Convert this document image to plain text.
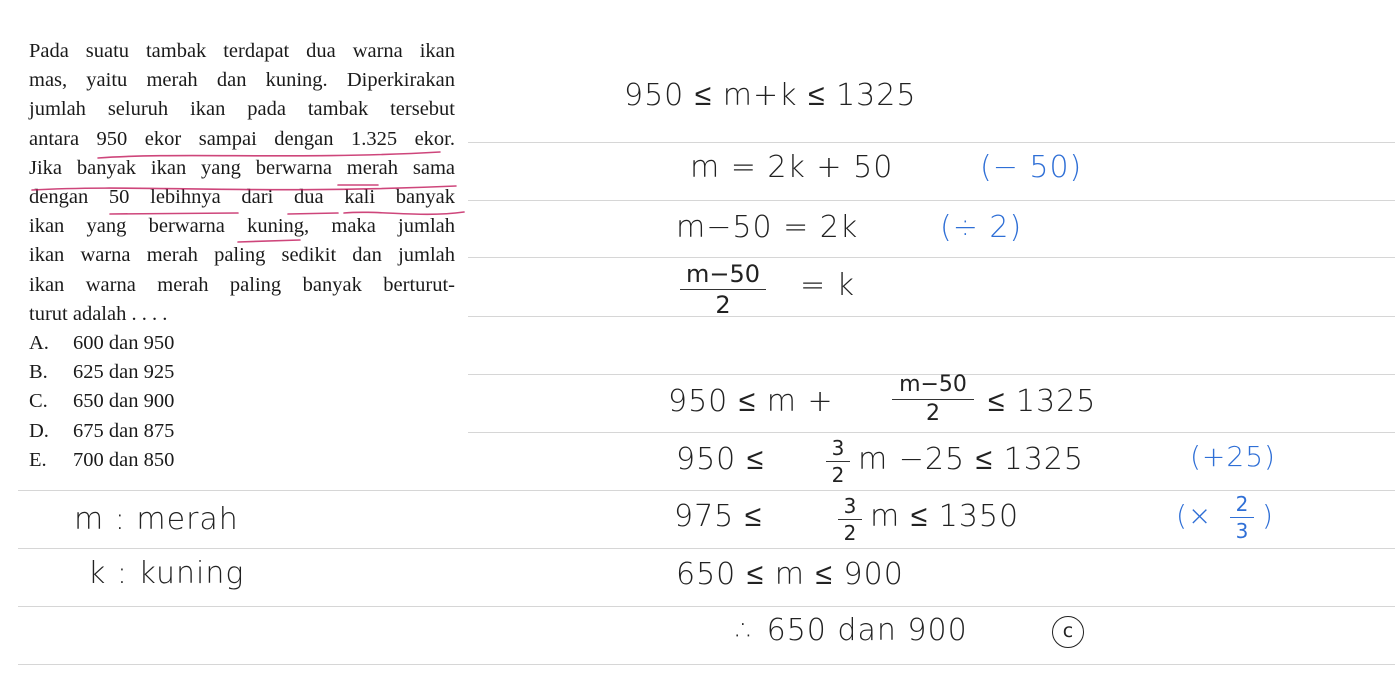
Pada suatu tambak terdapat dua warna ikan
mas, yaitu merah dan kuning. Diperkirakan
jumlah seluruh ikan pada tambak tersebut
antara 950 ekor sampai dengan 1.325 ekor.
Jika banyak ikan yang berwarna merah sama
dengan 50 lebihnya dari dua kali banyak
ikan yang berwarna kuning, maka jumlah
ikan warna merah paling sedikit dan jumlah
ikan warna merah paling banyak berturut-
turut adalah . . . .
A. 600 dan 950
B. 625 dan 925
C. 650 dan 900
D. 675 dan 875
E. 700 dan 850
m : merah
k : kuning
950 ≤ m+k ≤ 1325
m = 2k + 50	(− 50)
m−50 = 2k	(÷ 2)
m−50
2
= k
950 ≤ m +	m−50
2	≤ 1325
950 ≤	3
2 m −25 ≤ 1325	(+25)
975 ≤	3
2 m ≤ 1350	(× 2
3 )
650 ≤ m ≤ 900
∴ 650 dan 900	c
